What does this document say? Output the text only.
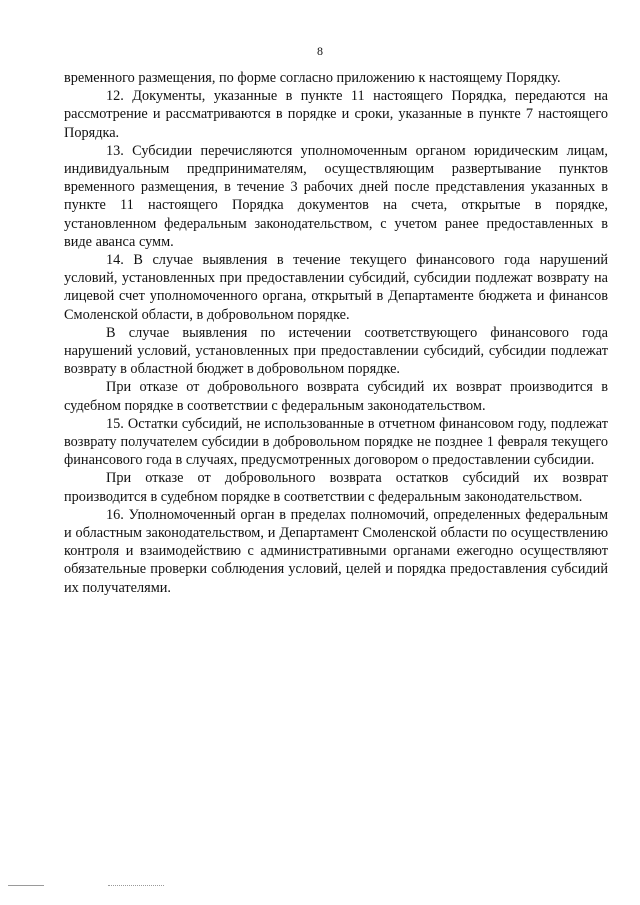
8

временного размещения, по форме согласно приложению к настоящему Порядку.

12. Документы, указанные в пункте 11 настоящего Порядка, передаются на рассмотрение и рассматриваются в порядке и сроки, указанные в пункте 7 настоящего Порядка.

13. Субсидии перечисляются уполномоченным органом юридическим лицам, индивидуальным предпринимателям, осуществляющим развертывание пунктов временного размещения, в течение 3 рабочих дней после представления указанных в пункте 11 настоящего Порядка документов на счета, открытые в порядке, установленном федеральным законодательством, с учетом ранее предоставленных в виде аванса сумм.

14. В случае выявления в течение текущего финансового года нарушений условий, установленных при предоставлении субсидий, субсидии подлежат возврату на лицевой счет уполномоченного органа, открытый в Департаменте бюджета и финансов Смоленской области, в добровольном порядке.

В случае выявления по истечении соответствующего финансового года нарушений условий, установленных при предоставлении субсидий, субсидии подлежат возврату в областной бюджет в добровольном порядке.

При отказе от добровольного возврата субсидий их возврат производится в судебном порядке в соответствии с федеральным законодательством.

15. Остатки субсидий, не использованные в отчетном финансовом году, подлежат возврату получателем субсидии в добровольном порядке не позднее 1 февраля текущего финансового года в случаях, предусмотренных договором о предоставлении субсидии.

При отказе от добровольного возврата остатков субсидий их возврат производится в судебном порядке в соответствии с федеральным законодательством.

16. Уполномоченный орган в пределах полномочий, определенных федеральным и областным законодательством, и Департамент Смоленской области по осуществлению контроля и взаимодействию с административными органами ежегодно осуществляют обязательные проверки соблюдения условий, целей и порядка предоставления субсидий их получателями.
